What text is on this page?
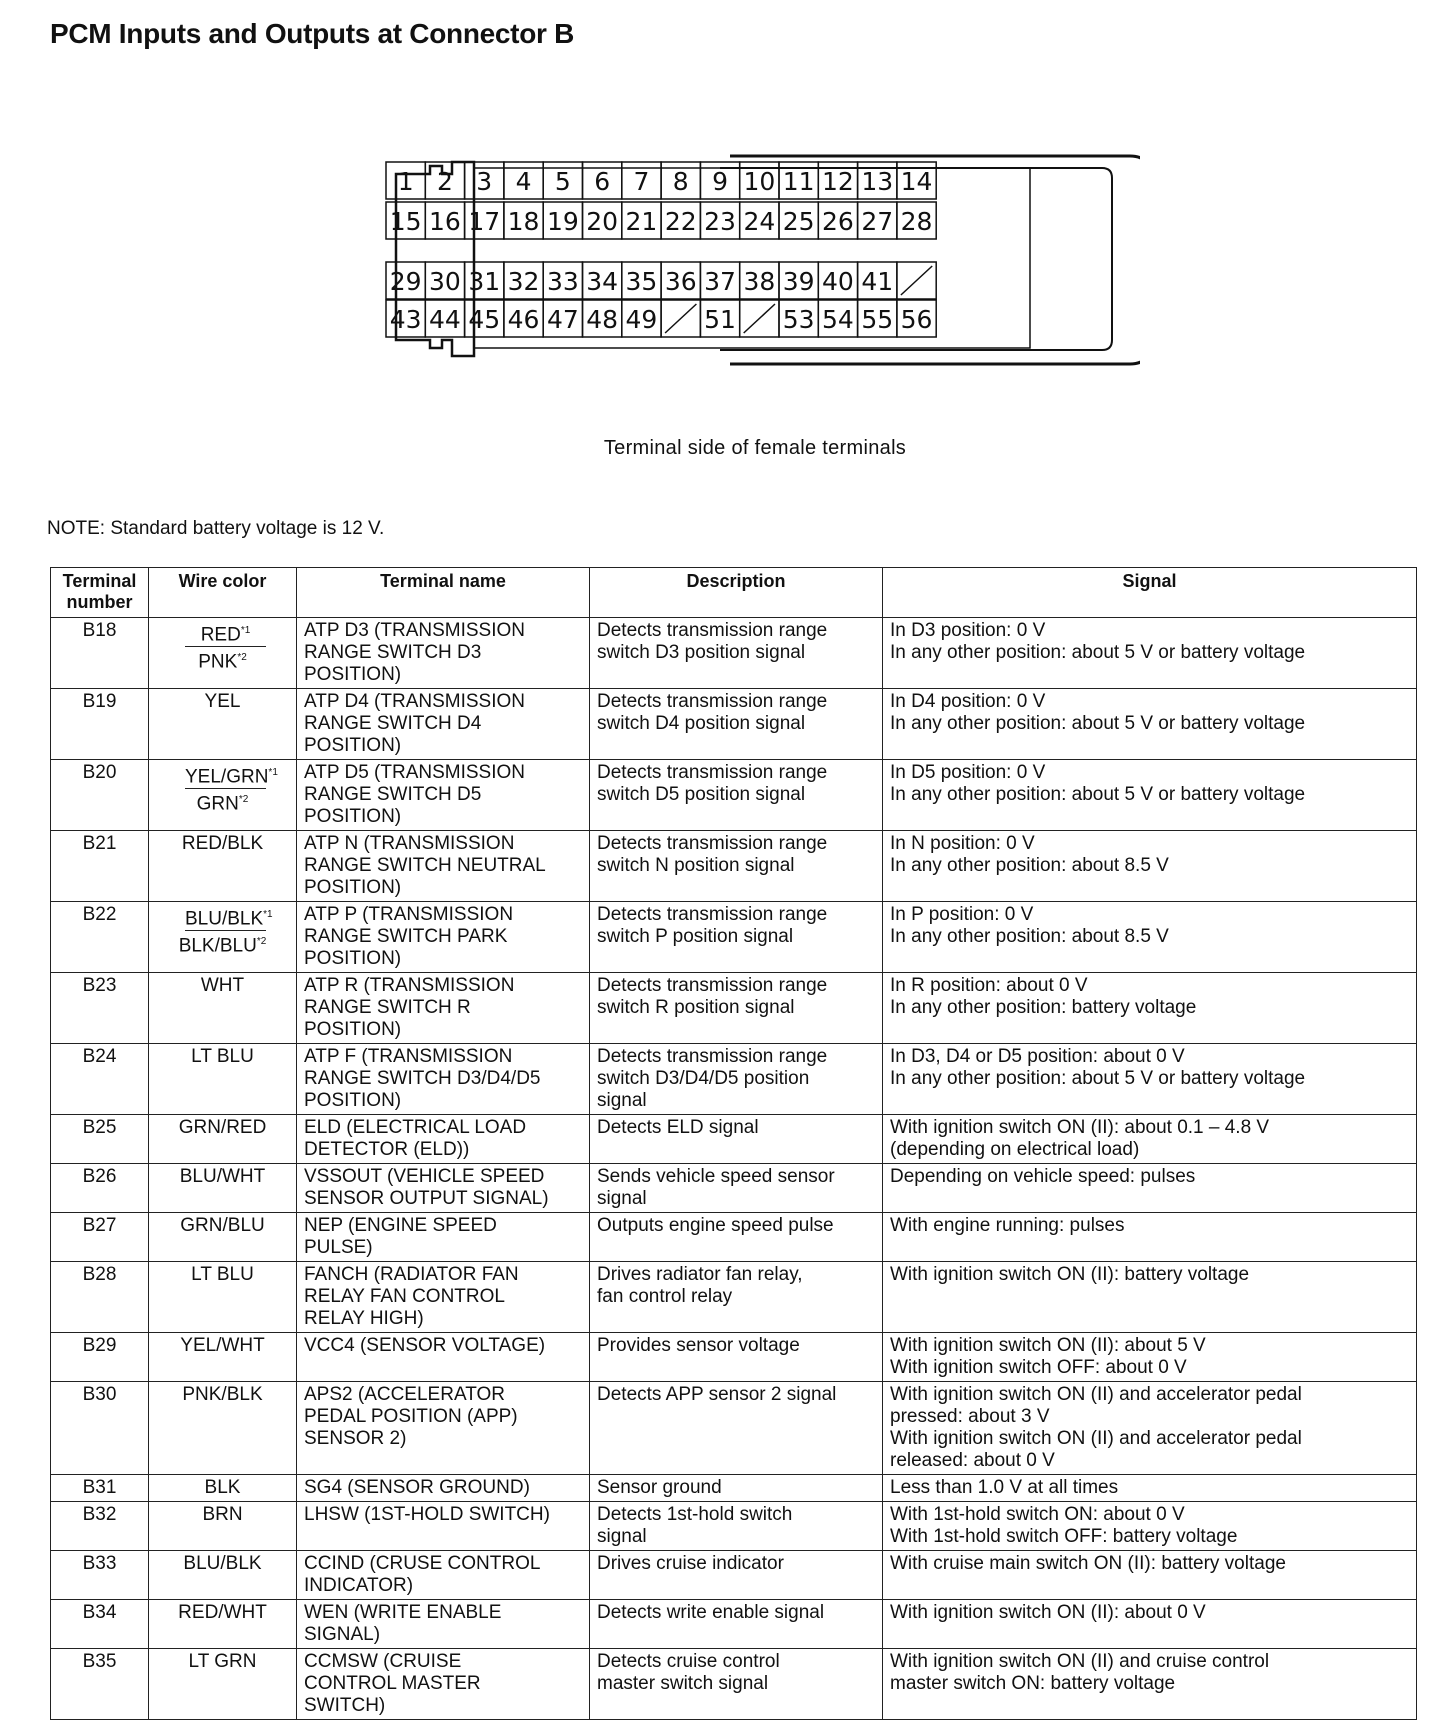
PCM Inputs and Outputs at Connector B
1 2 3 4 5 6 7 8 9 10 11 12 13 14
15 16 17 18 19 20 21 22 23 24 25 26 27 28
29 30 31 32 33 34 35 36 37 38 39 40 41
43 44 45 46 47 48 49 51 53 54 55 56
Terminal side of female terminals
NOTE: Standard battery voltage is 12 V.
Terminal
number	Wire color	Terminal name	Description	Signal
B18	RED$^{*1}$
PNK$^{*2}$	ATP D3 (TRANSMISSION
RANGE SWITCH D3
POSITION)	Detects transmission range
switch D3 position signal	In D3 position: 0 V
In any other position: about 5 V or battery voltage

B19	YEL	ATP D4 (TRANSMISSION
RANGE SWITCH D4
POSITION)	Detects transmission range
switch D4 position signal	In D4 position: 0 V
In any other position: about 5 V or battery voltage

B20	YEL/GRN$^{*1}$
GRN$^{*2}$	ATP D5 (TRANSMISSION
RANGE SWITCH D5
POSITION)	Detects transmission range
switch D5 position signal	In D5 position: 0 V
In any other position: about 5 V or battery voltage

B21	RED/BLK	ATP N (TRANSMISSION
RANGE SWITCH NEUTRAL
POSITION)	Detects transmission range
switch N position signal	In N position: 0 V
In any other position: about 8.5 V

B22	BLU/BLK$^{*1}$
BLK/BLU$^{*2}$	ATP P (TRANSMISSION
RANGE SWITCH PARK
POSITION)	Detects transmission range
switch P position signal	In P position: 0 V
In any other position: about 8.5 V

B23	WHT	ATP R (TRANSMISSION
RANGE SWITCH R
POSITION)	Detects transmission range
switch R position signal	In R position: about 0 V
In any other position: battery voltage

B24	LT BLU	ATP F (TRANSMISSION
RANGE SWITCH D3/D4/D5
POSITION)	Detects transmission range
switch D3/D4/D5 position
signal	In D3, D4 or D5 position: about 0 V
In any other position: about 5 V or battery voltage

B25	GRN/RED	ELD (ELECTRICAL LOAD
DETECTOR (ELD))	Detects ELD signal	With ignition switch ON (II): about 0.1 – 4.8 V
(depending on electrical load)

B26	BLU/WHT	VSSOUT (VEHICLE SPEED
SENSOR OUTPUT SIGNAL)	Sends vehicle speed sensor
signal	Depending on vehicle speed: pulses

B27	GRN/BLU	NEP (ENGINE SPEED
PULSE)	Outputs engine speed pulse	With engine running: pulses

B28	LT BLU	FANCH (RADIATOR FAN
RELAY FAN CONTROL
RELAY HIGH)	Drives radiator fan relay,
fan control relay	With ignition switch ON (II): battery voltage

B29	YEL/WHT	VCC4 (SENSOR VOLTAGE)	Provides sensor voltage	With ignition switch ON (II): about 5 V
With ignition switch OFF: about 0 V

B30	PNK/BLK	APS2 (ACCELERATOR
PEDAL POSITION (APP)
SENSOR 2)	Detects APP sensor 2 signal	With ignition switch ON (II) and accelerator pedal
pressed: about 3 V
With ignition switch ON (II) and accelerator pedal
released: about 0 V

B31	BLK	SG4 (SENSOR GROUND)	Sensor ground	Less than 1.0 V at all times

B32	BRN	LHSW (1ST-HOLD SWITCH)	Detects 1st-hold switch
signal	With 1st-hold switch ON: about 0 V
With 1st-hold switch OFF: battery voltage

B33	BLU/BLK	CCIND (CRUSE CONTROL
INDICATOR)	Drives cruise indicator	With cruise main switch ON (II): battery voltage

B34	RED/WHT	WEN (WRITE ENABLE
SIGNAL)	Detects write enable signal	With ignition switch ON (II): about 0 V

B35	LT GRN	CCMSW (CRUISE
CONTROL MASTER
SWITCH)	Detects cruise control
master switch signal	With ignition switch ON (II) and cruise control
master switch ON: battery voltage
